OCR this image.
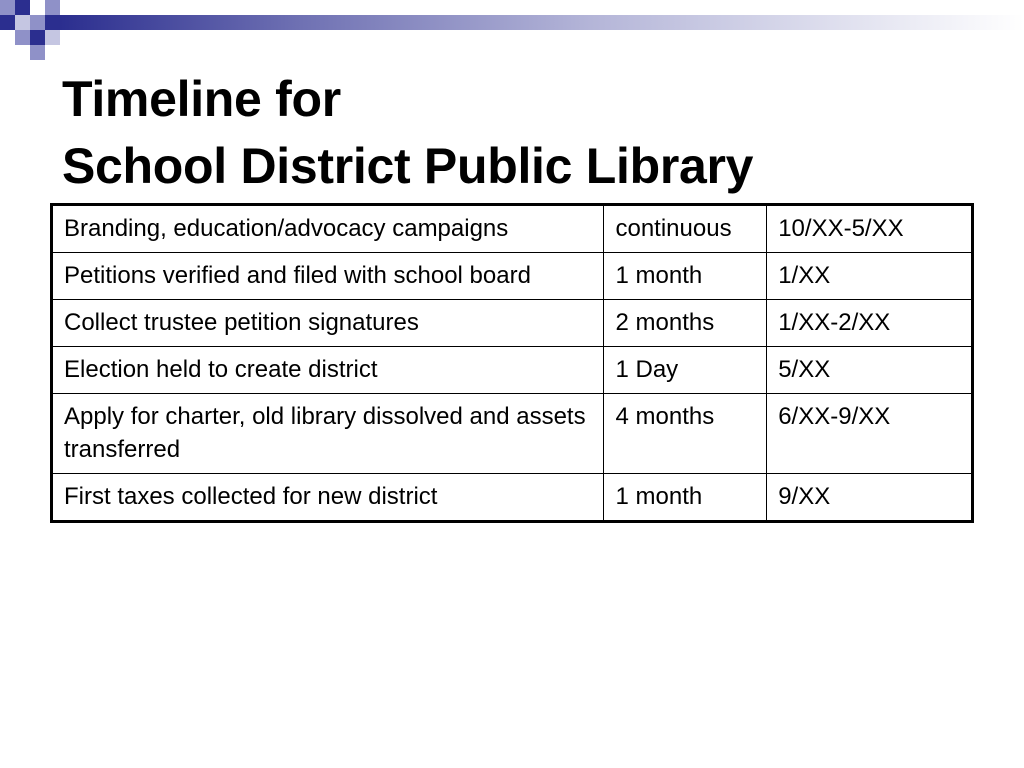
Timeline for
School District Public Library
Branding, education/advocacy campaigns	continuous	10/XX-5/XX
Petitions verified and filed with school board	1 month	1/XX
Collect trustee petition signatures	2 months	1/XX-2/XX
Election held to create district	1 Day	5/XX
Apply for charter, old library dissolved and assets transferred	4 months	6/XX-9/XX
First taxes collected for new district	1 month	9/XX
